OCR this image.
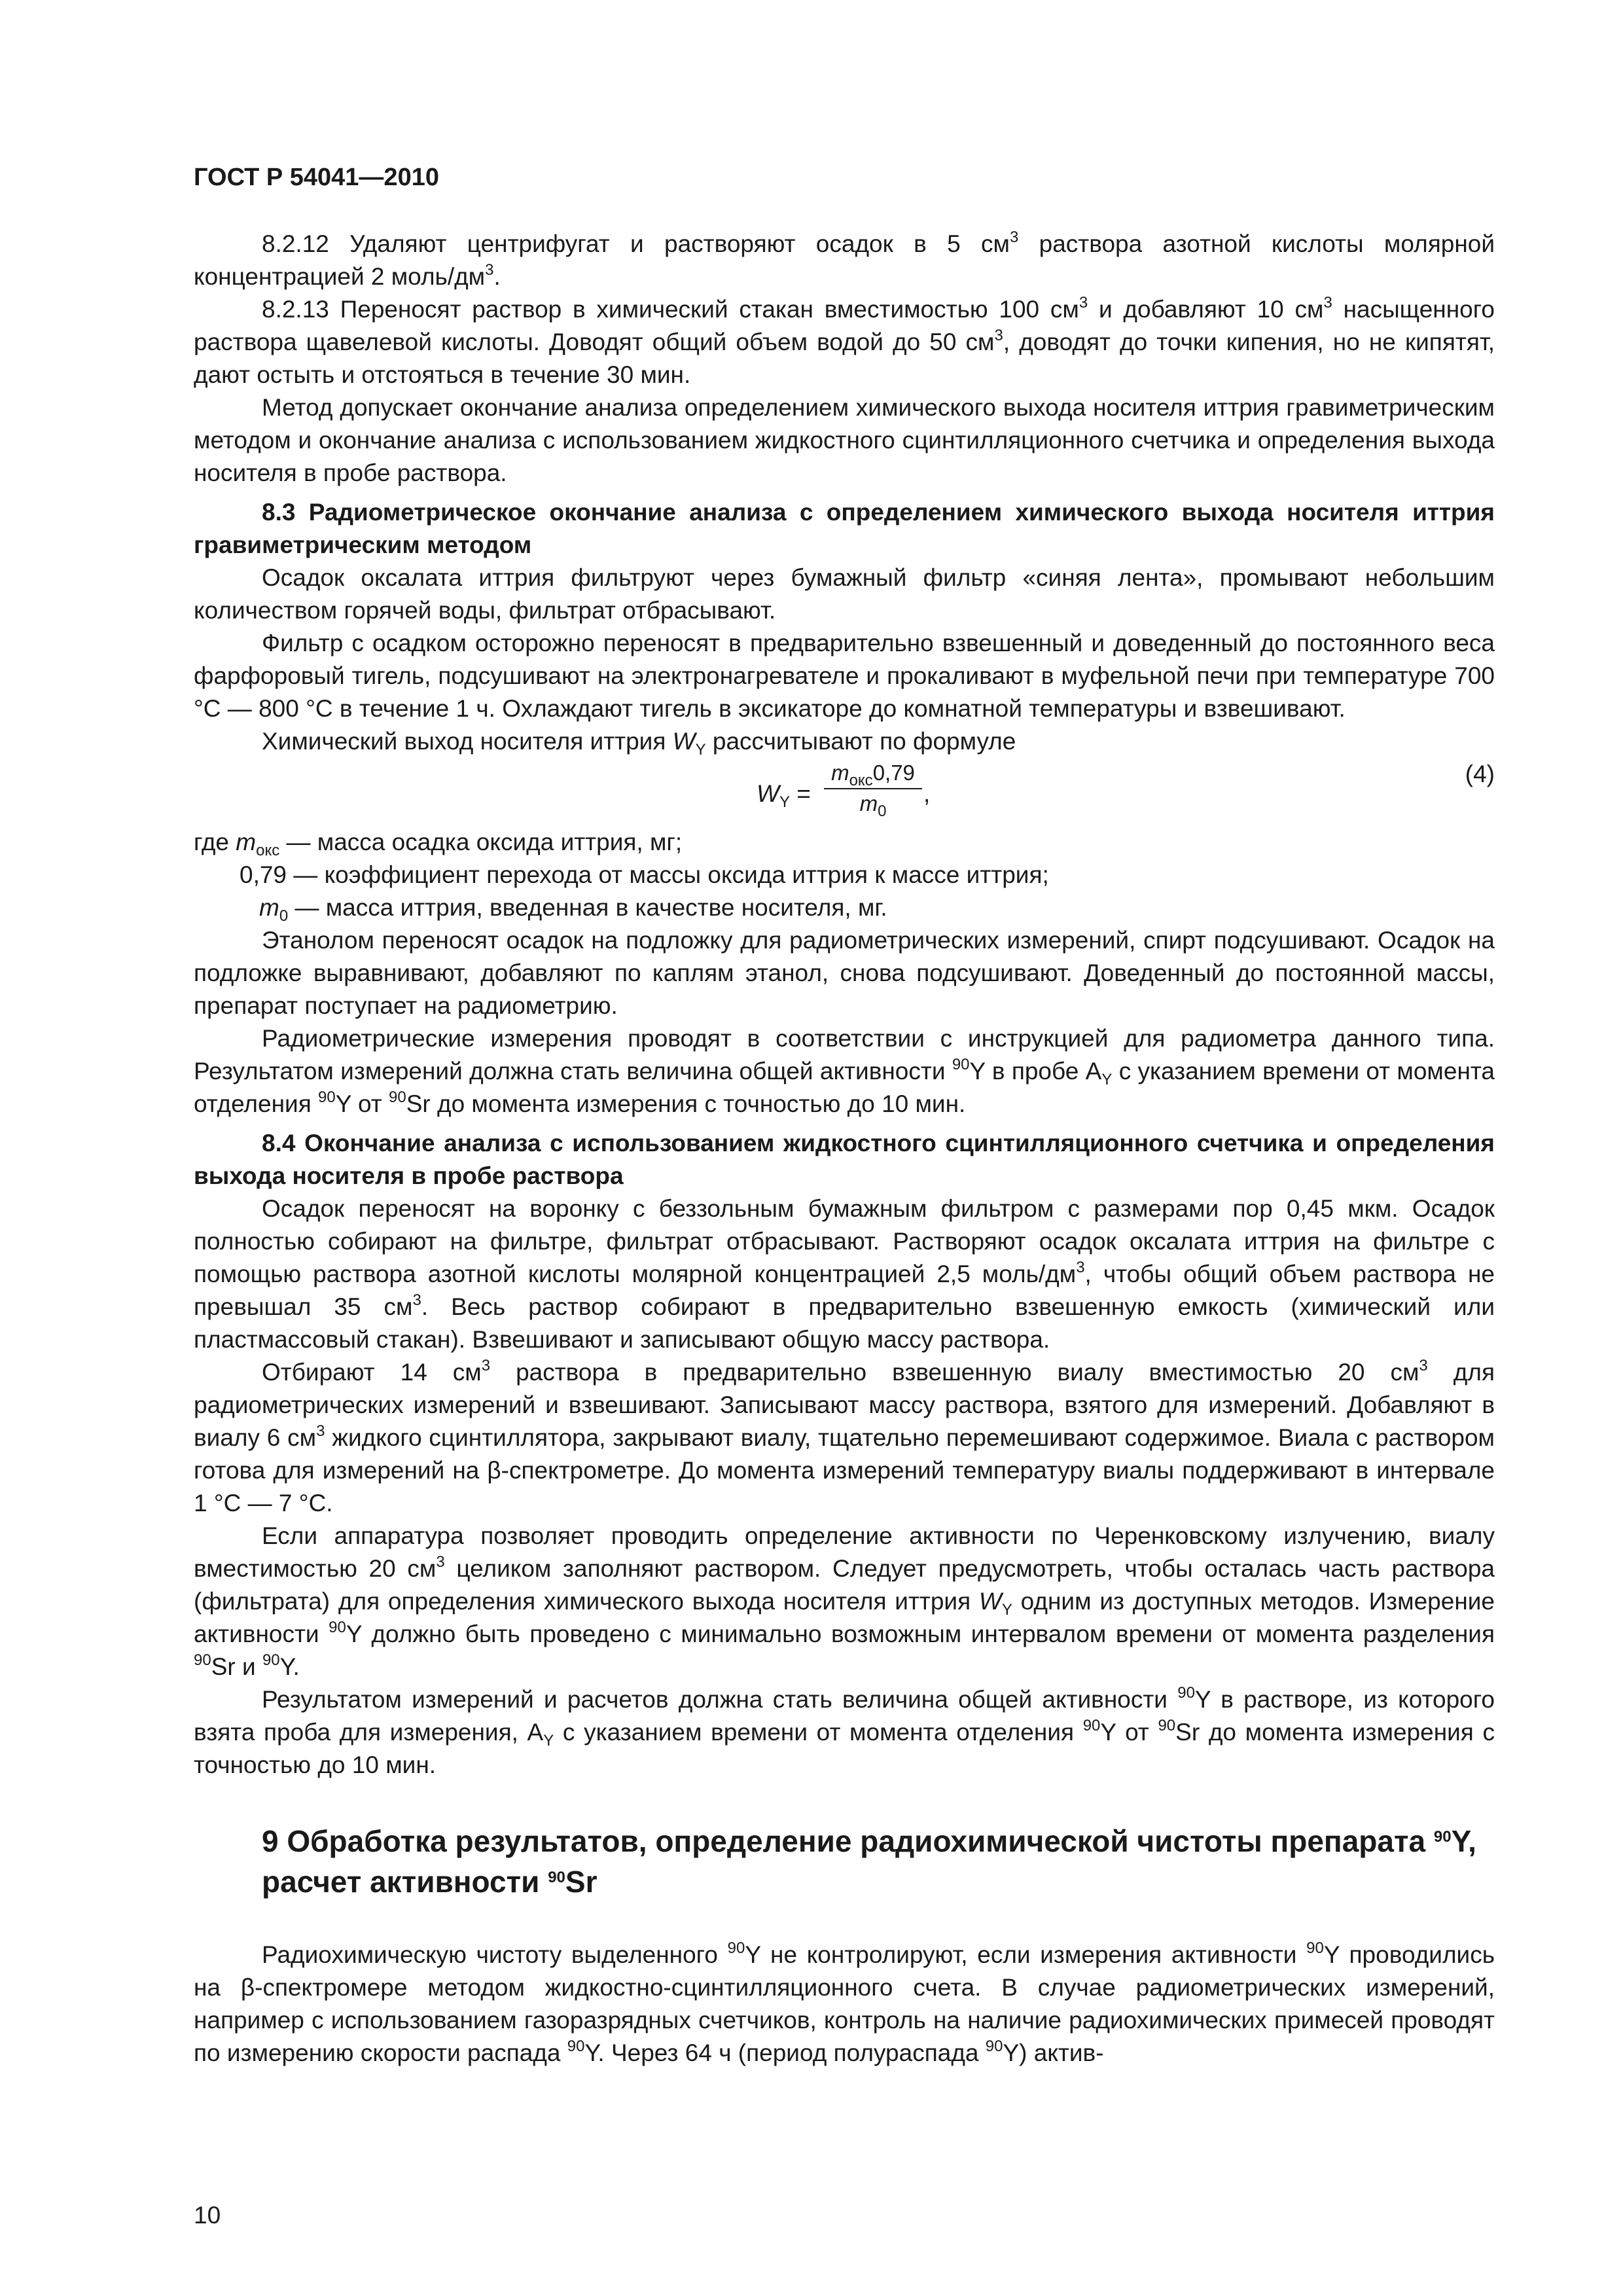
ГОСТ Р 54041—2010

8.2.12 Удаляют центрифугат и растворяют осадок в 5 $см^3$ раствора азотной кислоты молярной концентрацией 2 моль/$дм^3$.

8.2.13 Переносят раствор в химический стакан вместимостью 100 $см^3$ и добавляют 10 $см^3$ насыщенного раствора щавелевой кислоты. Доводят общий объем водой до 50 $см^3$, доводят до точки кипения, но не кипятят, дают остыть и отстояться в течение 30 мин.

Метод допускает окончание анализа определением химического выхода носителя иттрия гравиметрическим методом и окончание анализа с использованием жидкостного сцинтилляционного счетчика и определения выхода носителя в пробе раствора.

8.3 Радиометрическое окончание анализа с определением химического выхода носителя иттрия гравиметрическим методом

Осадок оксалата иттрия фильтруют через бумажный фильтр «синяя лента», промывают небольшим количеством горячей воды, фильтрат отбрасывают.

Фильтр с осадком осторожно переносят в предварительно взвешенный и доведенный до постоянного веса фарфоровый тигель, подсушивают на электронагревателе и прокаливают в муфельной печи при температуре 700 °С — 800 °С в течение 1 ч. Охлаждают тигель в эксикаторе до комнатной температуры и взвешивают.

Химический выход носителя иттрия $W_Y$ рассчитывают по формуле

$W_Y$ =
$m_{окс}0,79$
$m_0$
,
(4)

где $m_{окс}$ — масса осадка оксида иттрия, мг;

0,79 — коэффициент перехода от массы оксида иттрия к массе иттрия;

$m_0$ — масса иттрия, введенная в качестве носителя, мг.

Этанолом переносят осадок на подложку для радиометрических измерений, спирт подсушивают. Осадок на подложке выравнивают, добавляют по каплям этанол, снова подсушивают. Доведенный до постоянной массы, препарат поступает на радиометрию.

Радиометрические измерения проводят в соответствии с инструкцией для радиометра данного типа. Результатом измерений должна стать величина общей активности $^{90}$Y в пробе $A_Y$ с указанием времени от момента отделения $^{90}$Y от $^{90}$Sr до момента измерения с точностью до 10 мин.

8.4 Окончание анализа с использованием жидкостного сцинтилляционного счетчика и определения выхода носителя в пробе раствора

Осадок переносят на воронку с беззольным бумажным фильтром с размерами пор 0,45 мкм. Осадок полностью собирают на фильтре, фильтрат отбрасывают. Растворяют осадок оксалата иттрия на фильтре с помощью раствора азотной кислоты молярной концентрацией 2,5 моль/$дм^3$, чтобы общий объем раствора не превышал 35 $см^3$. Весь раствор собирают в предварительно взвешенную емкость (химический или пластмассовый стакан). Взвешивают и записывают общую массу раствора.

Отбирают 14 $см^3$ раствора в предварительно взвешенную виалу вместимостью 20 $см^3$ для радиометрических измерений и взвешивают. Записывают массу раствора, взятого для измерений. Добавляют в виалу 6 $см^3$ жидкого сцинтиллятора, закрывают виалу, тщательно перемешивают содержимое. Виала с раствором готова для измерений на β-спектрометре. До момента измерений температуру виалы поддерживают в интервале 1 °С — 7 °С.

Если аппаратура позволяет проводить определение активности по Черенковскому излучению, виалу вместимостью 20 $см^3$ целиком заполняют раствором. Следует предусмотреть, чтобы осталась часть раствора (фильтрата) для определения химического выхода носителя иттрия $W_Y$ одним из доступных методов. Измерение активности $^{90}$Y должно быть проведено с минимально возможным интервалом времени от момента разделения $^{90}$Sr и $^{90}$Y.

Результатом измерений и расчетов должна стать величина общей активности $^{90}$Y в растворе, из которого взята проба для измерения, $A_Y$ с указанием времени от момента отделения $^{90}$Y от $^{90}$Sr до момента измерения с точностью до 10 мин.

9 Обработка результатов, определение радиохимической чистоты препарата $^{90}$Y, расчет активности $^{90}$Sr

Радиохимическую чистоту выделенного $^{90}$Y не контролируют, если измерения активности $^{90}$Y проводились на β-спектромере методом жидкостно-сцинтилляционного счета. В случае радиометрических измерений, например с использованием газоразрядных счетчиков, контроль на наличие радиохимических примесей проводят по измерению скорости распада $^{90}$Y. Через 64 ч (период полураспада $^{90}$Y) актив-

10
